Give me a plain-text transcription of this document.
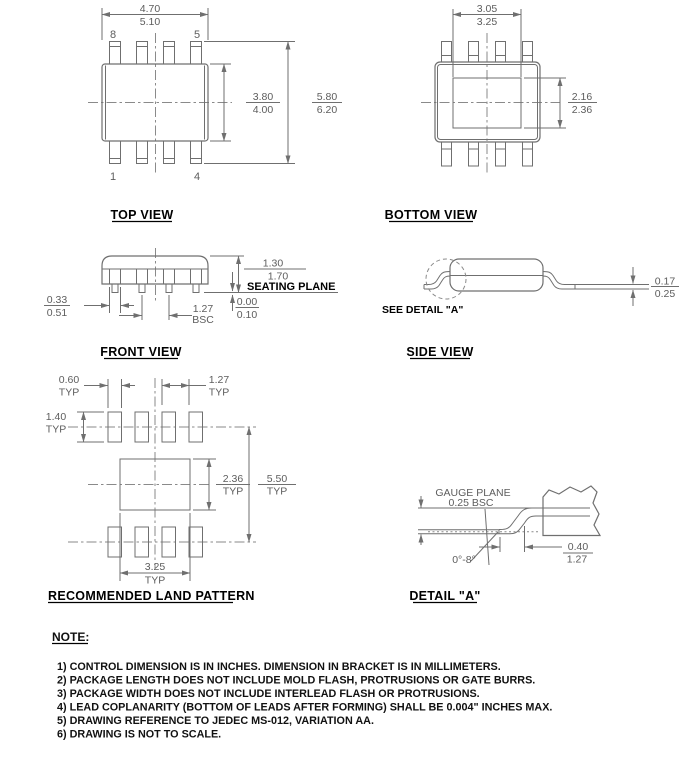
8	5
1	4
4.70
5.10
3.80
4.00
5.80
6.20
TOP VIEW
3.05
3.25
2.16
2.36
BOTTOM VIEW
SEATING PLANE
0.33
0.51	1.27
BSC
1.30
1.70
0.00
0.10
FRONT VIEW
SEE DETAIL "A"
0.17
0.25
SIDE VIEW
0.60
TYP
1.27
TYP
1.40
TYP
2.36
TYP
5.50
TYP
3.25
TYP
RECOMMENDED LAND PATTERN
GAUGE PLANE
0.25 BSC
0°-8°
0.40
1.27
DETAIL "A"
NOTE:
1) CONTROL DIMENSION IS IN INCHES. DIMENSION IN BRACKET IS IN MILLIMETERS.
2) PACKAGE LENGTH DOES NOT INCLUDE MOLD FLASH, PROTRUSIONS OR GATE BURRS.
3) PACKAGE WIDTH DOES NOT INCLUDE INTERLEAD FLASH OR PROTRUSIONS.
4) LEAD COPLANARITY (BOTTOM OF LEADS AFTER FORMING) SHALL BE 0.004" INCHES MAX.
5) DRAWING REFERENCE TO JEDEC MS-012, VARIATION AA.
6) DRAWING IS NOT TO SCALE.
